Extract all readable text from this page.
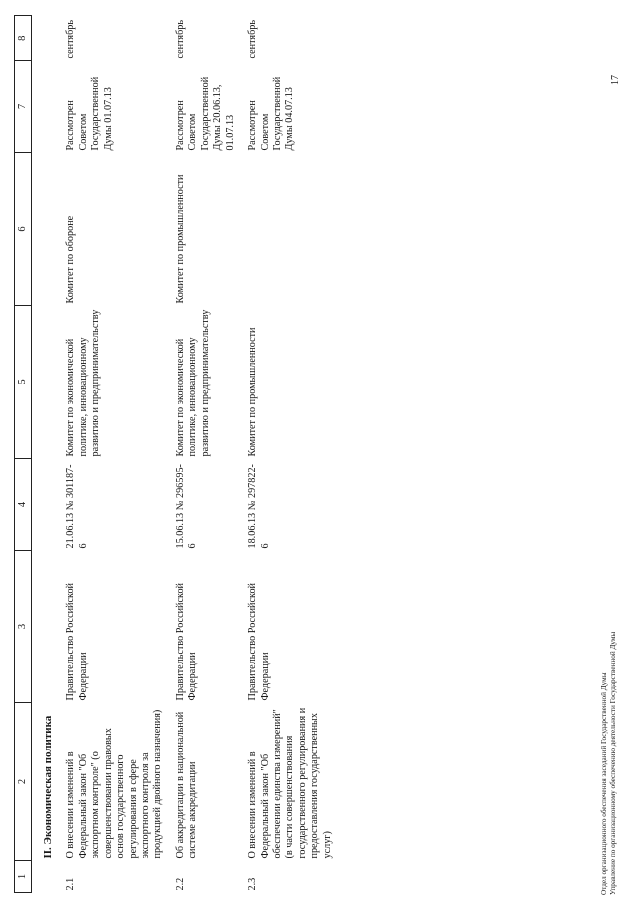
1	2	3	4	5	6	7	8
	II. Экономическая политика						
2.1	О внесении изменений в Федеральный закон "Об экспортном контроле" (о совершенствовании правовых основ государственного регулирования в сфере экспортного контроля за продукцией двойного назначения)	Правительство Российской Федерации	21.06.13 № 301187-6	Комитет по экономической политике, инновационному развитию и предпринимательству	Комитет по обороне	Рассмотрен Советом Государственной Думы 01.07.13	сентябрь
2.2	Об аккредитации в национальной системе аккредитации	Правительство Российской Федерации	15.06.13 № 296595-6	Комитет по экономической политике, инновационному развитию и предпринимательству	Комитет по промышленности	Рассмотрен Советом Государственной Думы 20.06.13, 01.07.13	сентябрь
2.3	О внесении изменений в Федеральный закон "Об обеспечении единства измерений" (в части совершенствования государственного регулирования и предоставления государственных услуг)	Правительство Российской Федерации	18.06.13 № 297822-6	Комитет по промышленности		Рассмотрен Советом Государственной Думы 04.07.13	сентябрь
Отдел организационного обеспечения заседаний Государственной Думы Управление по организационному обеспечению деятельности Государственной Думы
17
